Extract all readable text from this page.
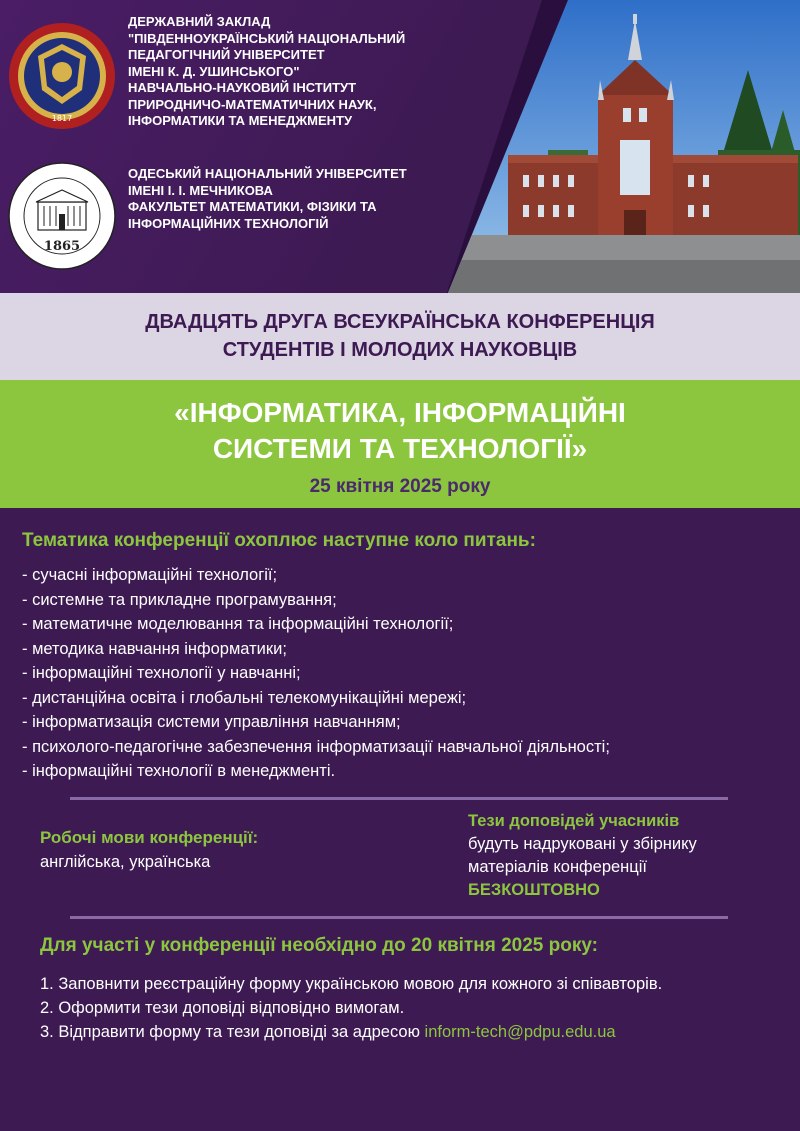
1817
1865

ДЕРЖАВНИЙ ЗАКЛАД
"ПІВДЕННОУКРАЇНСЬКИЙ НАЦІОНАЛЬНИЙ
ПЕДАГОГІЧНИЙ УНІВЕРСИТЕТ
ІМЕНІ К. Д. УШИНСЬКОГО"
НАВЧАЛЬНО-НАУКОВИЙ ІНСТИТУТ
ПРИРОДНИЧО-МАТЕМАТИЧНИХ НАУК,
ІНФОРМАТИКИ ТА МЕНЕДЖМЕНТУ

ОДЕСЬКИЙ НАЦІОНАЛЬНИЙ УНІВЕРСИТЕТ
ІМЕНІ І. І. МЕЧНИКОВА
ФАКУЛЬТЕТ МАТЕМАТИКИ, ФІЗИКИ ТА
ІНФОРМАЦІЙНИХ ТЕХНОЛОГІЙ

ДВАДЦЯТЬ ДРУГА ВСЕУКРАЇНСЬКА КОНФЕРЕНЦІЯ

СТУДЕНТІВ І МОЛОДИХ НАУКОВЦІВ

«ІНФОРМАТИКА, ІНФОРМАЦІЙНІ

СИСТЕМИ ТА ТЕХНОЛОГІЇ»

25 квітня 2025 року

Тематика конференції охоплює наступне коло питань:

- сучасні інформаційні технології;
- системне та прикладне програмування;
- математичне моделювання та інформаційні технології;
- методика навчання інформатики;
- інформаційні технології у навчанні;
- дистанційна освіта і глобальні телекомунікаційні мережі;
- інформатизація системи управління навчанням;
- психолого-педагогічне забезпечення інформатизації навчальної діяльності;
- інформаційні технології в менеджменті.

Робочі мови конференції:

англійська, українська

Тези доповідей учасників

будуть надруковані у збірнику

матеріалів конференції

БЕЗКОШТОВНО

Для участі у конференції необхідно до 20 квітня 2025 року:

1. Заповнити реєстраційну форму українською мовою для кожного зі співавторів.
2. Оформити тези доповіді відповідно вимогам.
3. Відправити форму та тези доповіді за адресою inform-tech@pdpu.edu.ua
